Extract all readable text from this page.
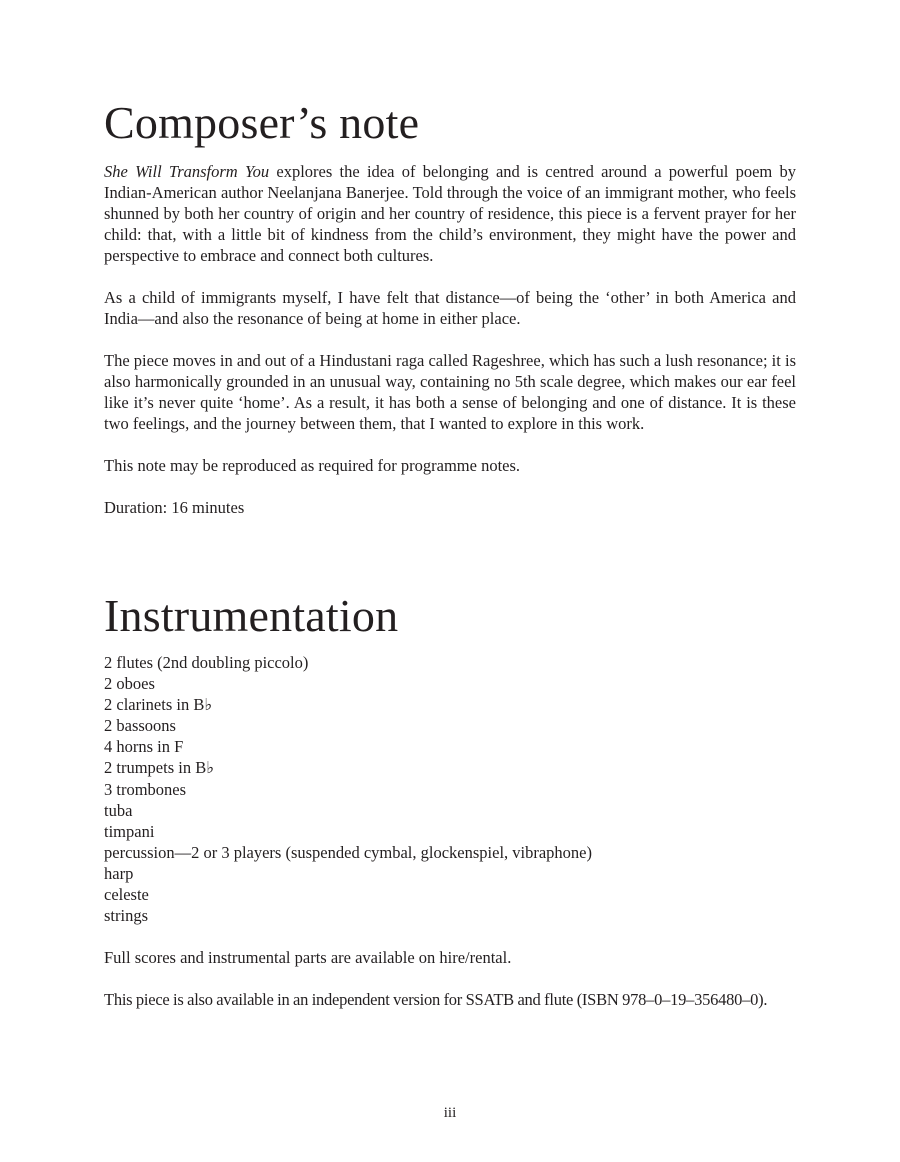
Composer’s note

She Will Transform You explores the idea of belonging and is centred around a powerful poem by Indian-American author Neelanjana Banerjee. Told through the voice of an immigrant mother, who feels shunned by both her country of origin and her country of residence, this piece is a fervent prayer for her child: that, with a little bit of kindness from the child’s environment, they might have the power and perspective to embrace and connect both cultures.

As a child of immigrants myself, I have felt that distance—of being the ‘other’ in both America and India—and also the resonance of being at home in either place.

The piece moves in and out of a Hindustani raga called Rageshree, which has such a lush resonance; it is also harmonically grounded in an unusual way, containing no 5th scale degree, which makes our ear feel like it’s never quite ‘home’. As a result, it has both a sense of belonging and one of distance. It is these two feelings, and the journey between them, that I wanted to explore in this work.

This note may be reproduced as required for programme notes.

Duration: 16 minutes

Instrumentation
2 flutes (2nd doubling piccolo)
2 oboes
2 clarinets in B♭
2 bassoons
4 horns in F
2 trumpets in B♭
3 trombones
tuba
timpani
percussion—2 or 3 players (suspended cymbal, glockenspiel, vibraphone)
harp
celeste
strings

Full scores and instrumental parts are available on hire/rental.

This piece is also available in an independent version for SSATB and flute (ISBN 978–0–19–356480–0).

iii
